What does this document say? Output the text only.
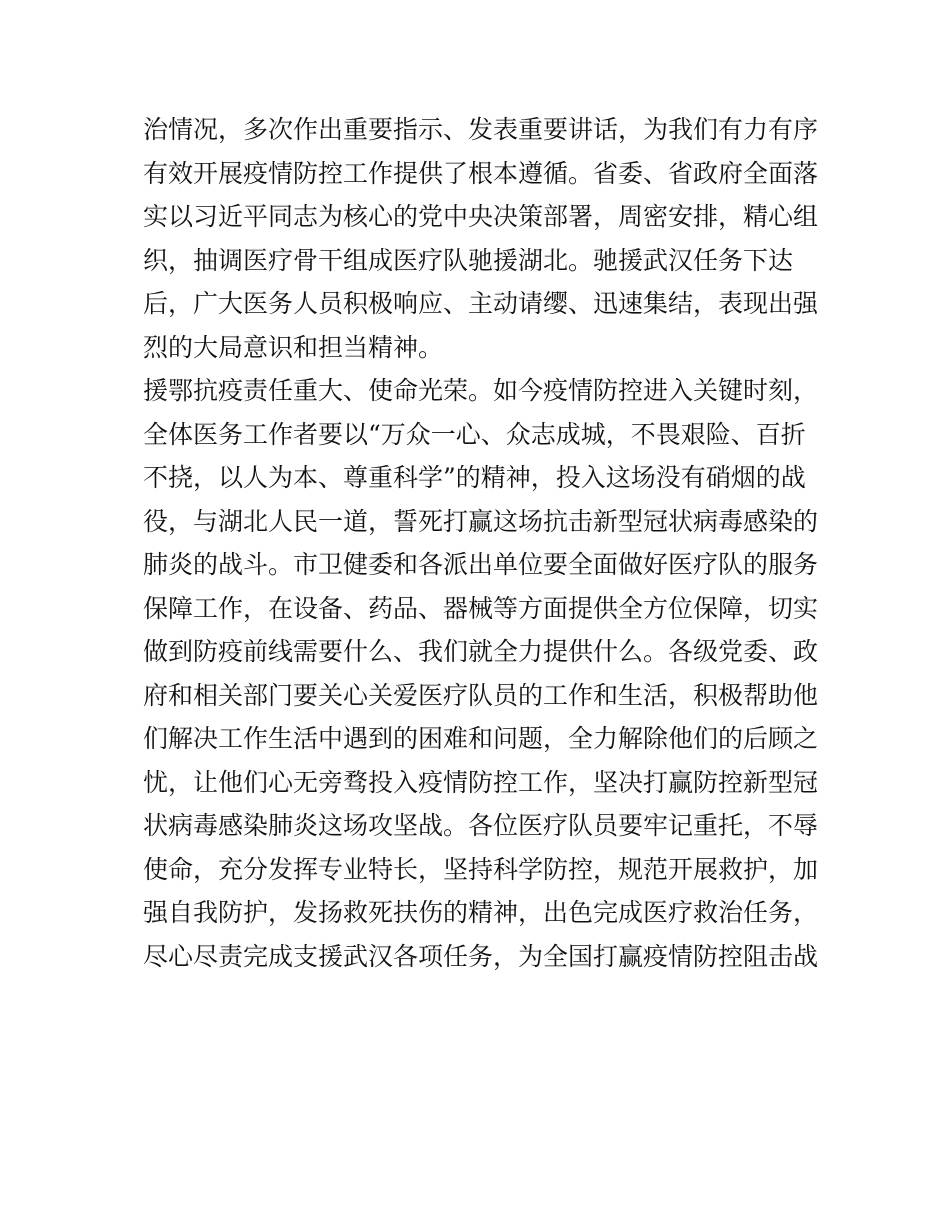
治情况，多次作出重要指示、发表重要讲话，为我们有力有序
有效开展疫情防控工作提供了根本遵循。省委、省政府全面落
实以习近平同志为核心的党中央决策部署，周密安排，精心组
织，抽调医疗骨干组成医疗队驰援湖北。驰援武汉任务下达
后，广大医务人员积极响应、主动请缨、迅速集结，表现出强
烈的大局意识和担当精神。
援鄂抗疫责任重大、使命光荣。如今疫情防控进入关键时刻，
全体医务工作者要以“万众一心、众志成城，不畏艰险、百折
不挠，以人为本、尊重科学”的精神，投入这场没有硝烟的战
役，与湖北人民一道，誓死打赢这场抗击新型冠状病毒感染的
肺炎的战斗。市卫健委和各派出单位要全面做好医疗队的服务
保障工作，在设备、药品、器械等方面提供全方位保障，切实
做到防疫前线需要什么、我们就全力提供什么。各级党委、政
府和相关部门要关心关爱医疗队员的工作和生活，积极帮助他
们解决工作生活中遇到的困难和问题，全力解除他们的后顾之
忧，让他们心无旁骛投入疫情防控工作，坚决打赢防控新型冠
状病毒感染肺炎这场攻坚战。各位医疗队员要牢记重托，不辱
使命，充分发挥专业特长，坚持科学防控，规范开展救护，加
强自我防护，发扬救死扶伤的精神，出色完成医疗救治任务，
尽心尽责完成支援武汉各项任务，为全国打赢疫情防控阻击战
